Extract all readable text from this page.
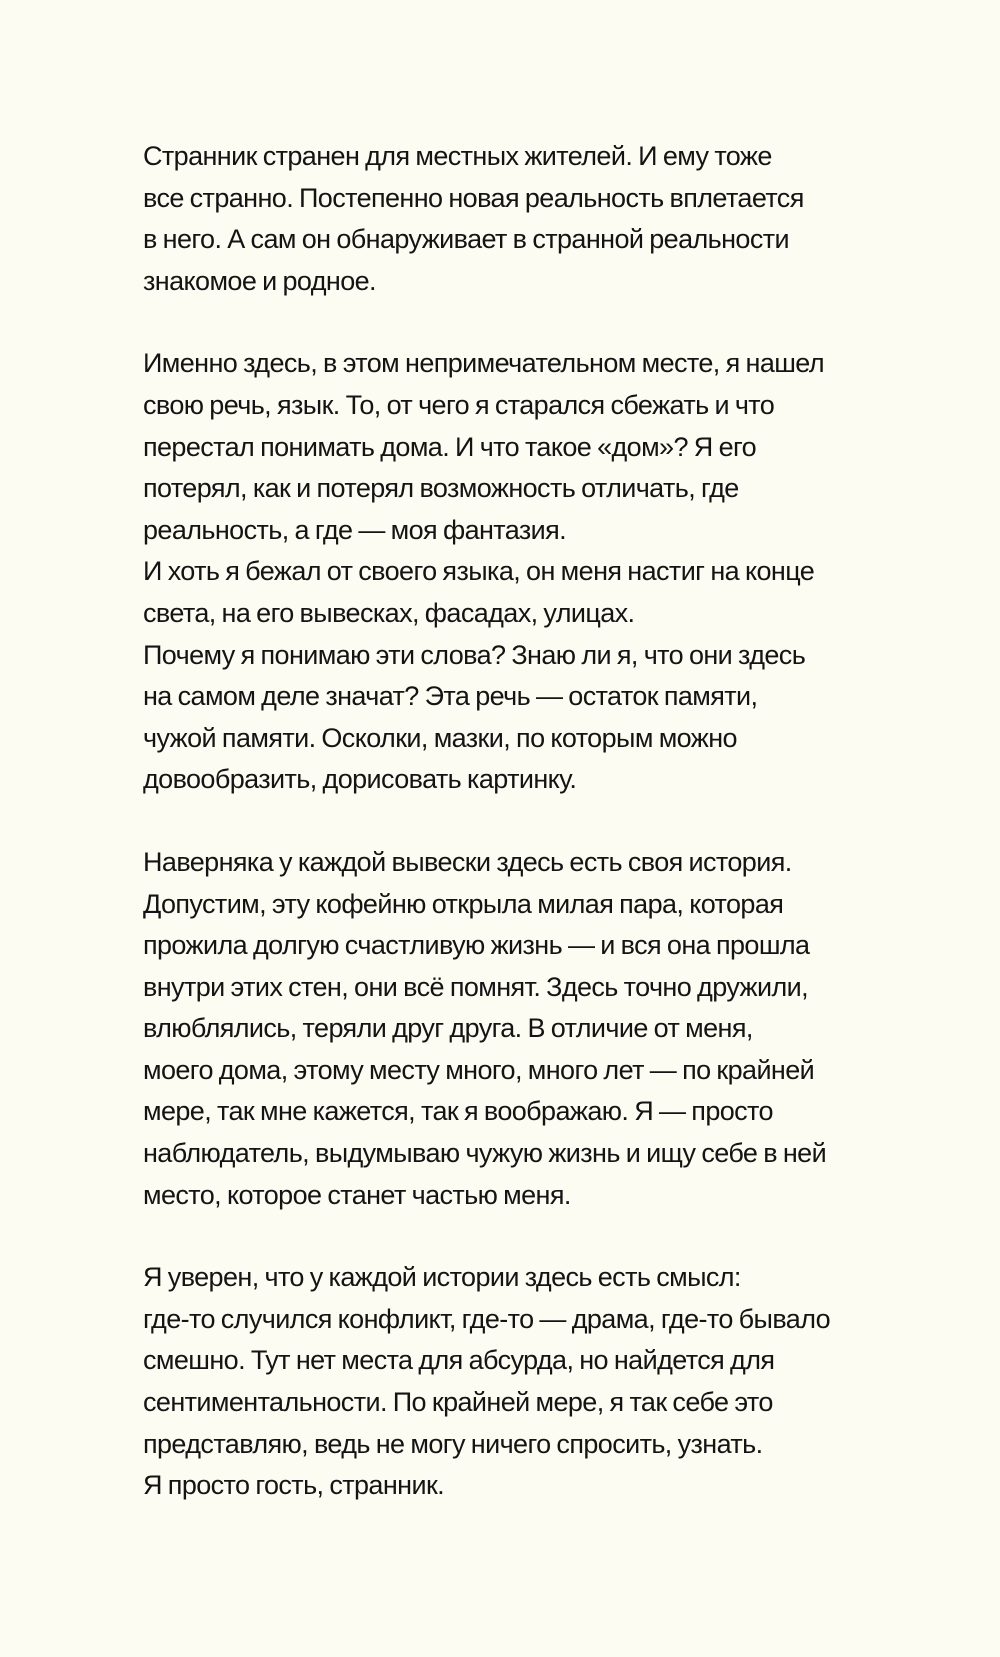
Странник странен для местных жителей. И ему тоже
все странно. Постепенно новая реальность вплетается
в него. А сам он обнаруживает в странной реальности
знакомое и родное.

Именно здесь, в этом непримечательном месте, я нашел
свою речь, язык. То, от чего я старался сбежать и что
перестал понимать дома. И что такое «дом»? Я его
потерял, как и потерял возможность отличать, где
реальность, а где — моя фантазия.
И хоть я бежал от своего языка, он меня настиг на конце
света, на его вывесках, фасадах, улицах.
Почему я понимаю эти слова? Знаю ли я, что они здесь
на самом деле значат? Эта речь — остаток памяти,
чужой памяти. Осколки, мазки, по которым можно
довообразить, дорисовать картинку.

Наверняка у каждой вывески здесь есть своя история.
Допустим, эту кофейню открыла милая пара, которая
прожила долгую счастливую жизнь — и вся она прошла
внутри этих стен, они всё помнят. Здесь точно дружили,
влюблялись, теряли друг друга. В отличие от меня,
моего дома, этому месту много, много лет — по крайней
мере, так мне кажется, так я воображаю. Я — просто
наблюдатель, выдумываю чужую жизнь и ищу себе в ней
место, которое станет частью меня.

Я уверен, что у каждой истории здесь есть смысл:
где-то случился конфликт, где-то — драма, где-то бывало
смешно. Тут нет места для абсурда, но найдется для
сентиментальности. По крайней мере, я так себе это
представляю, ведь не могу ничего спросить, узнать.
Я просто гость, странник.
